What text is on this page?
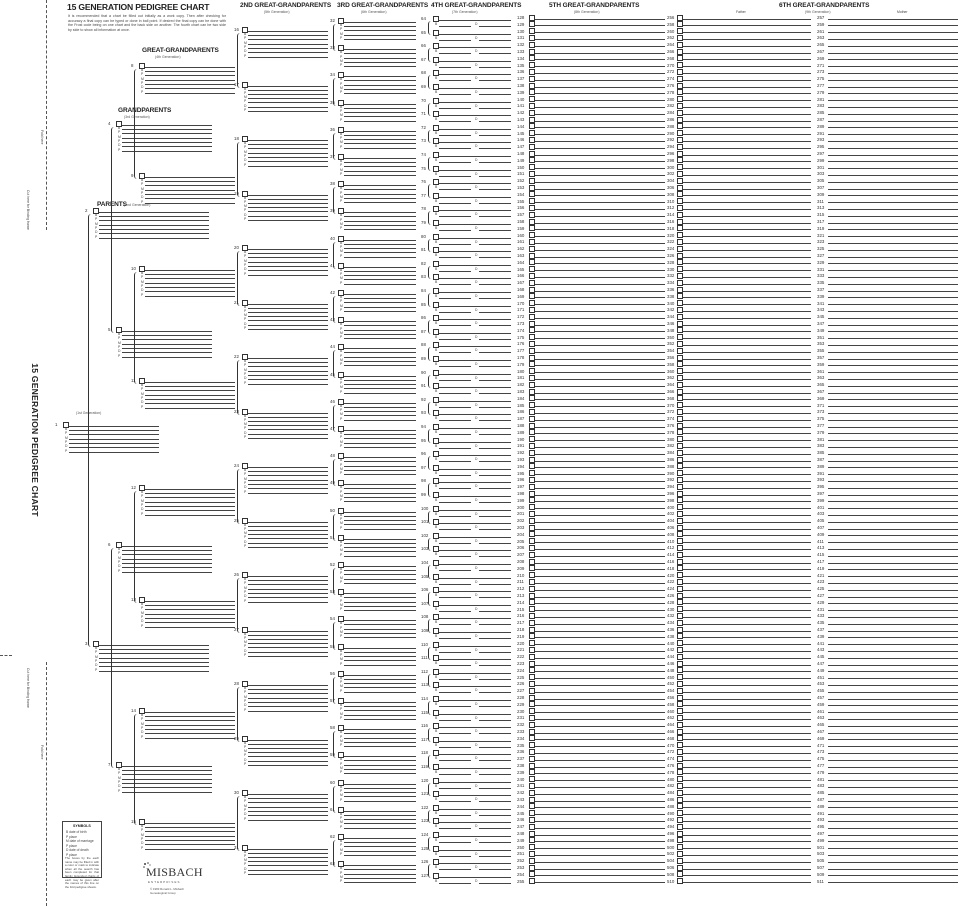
15 GENERATION PEDIGREE CHART
It is recommended that a chart be filled out initially as a work copy. Then after checking for accuracy a final copy can be typed or done in ball point. If desired the final copy can be done with the Frost code being on one chart and the back side on another. The fourth chart can be two side by side to show all information at once.
15 GENERATION PEDIGREE CHART
SYMBOLS
B date of birth
P place
M date of marriage
P place
D date of death
P place
The boxes by the each name may be filled in with a color or mark to indicate when all the search has been completed for that family. Extended charts of each may be given after the names of this line on the fold pedigree sheets.
MISBACH
ENTERPRISES
© 1983 Ronald L. Misbach
Genealogical Group
2ND GREAT-GRANDPARENTS
(5th Generation)
3RD GREAT-GRANDPARENTS
(6th Generation)
4TH GREAT-GRANDPARENTS
(7th Generation)
5TH GREAT-GRANDPARENTS
(8th Generation)
6TH GREAT-GRANDPARENTS
(9th Generation)
Father	Mother
GREAT-GRANDPARENTS
(4th Generation)
GRANDPARENTS
(3rd Generation)
PARENTS
(2nd Generation)
(1st Generation)
Fold here
Cut here for Binding frame
Cut here for Binding frame
Fold here
1
B
P
M
P
D
P
2
B
P
M
P
D
P
3
B
P
M
P
D
P
4
B
P
M
P
D
P
5
B
P
M
P
D
P
6
B
P
M
P
D
P
7
B
P
M
P
D
P
8
B
P
M
P
D
P
9
B
P
M
P
D
P
10
B
P
M
P
D
P
11
B
P
M
P
D
P
12
B
P
M
P
D
P
13
B
P
M
P
D
P
14
B
P
M
P
D
P
15
B
P
M
P
D
P
16
B
P
M
P
D
P
17
B
P
M
P
D
P
18
B
P
M
P
D
P
19
B
P
M
P
D
P
20
B
P
M
P
D
P
21
B
P
M
P
D
P
22
B
P
M
P
D
P
23
B
P
M
P
D
P
24
B
P
M
P
D
P
25
B
P
M
P
D
P
26
B
P
M
P
D
P
27
B
P
M
P
D
P
28
B
P
M
P
D
P
29
B
P
M
P
D
P
30
B
P
M
P
D
P
31
B
P
M
P
D
P
32
B
P
M
P
33
B
P
M
P
34
B
P
M
P
35
B
P
M
P
36
B
P
M
P
37
B
P
M
P
38
B
P
M
P
39
B
P
M
P
40
B
P
M
P
41
B
P
M
P
42
B
P
M
P
43
B
P
M
P
44
B
P
M
P
45
B
P
M
P
46
B
P
M
P
47
B
P
M
P
48
B
P
M
P
49
B
P
M
P
50
B
P
M
P
51
B
P
M
P
52
B
P
M
P
53
B
P
M
P
54
B
P
M
P
55
B
P
M
P
56
B
P
M
P
57
B
P
M
P
58
B
P
M
P
59
B
P
M
P
60
B
P
M
P
61
B
P
M
P
62
B
P
M
P
63
B
P
M
P
64
B	D
65
B	D
66
B	D
67
B	D
68
B	D
69
B	D
70
B	D
71
B	D
72
B	D
73
B	D
74
B	D
75
B	D
76
B	D
77
B	D
78
B	D
79
B	D
80
B	D
81
B	D
82
B	D
83
B	D
84
B	D
85
B	D
86
B	D
87
B	D
88
B	D
89
B	D
90
B	D
91
B	D
92
B	D
93
B	D
94
B	D
95
B	D
96
B	D
97
B	D
98
B	D
99
B	D
100
B	D
101
B	D
102
B	D
103
B	D
104
B	D
105
B	D
106
B	D
107
B	D
108
B	D
109
B	D
110
B	D
111
B	D
112
B	D
113
B	D
114
B	D
115
B	D
116
B	D
117
B	D
118
B	D
119
B	D
120
B	D
121
B	D
122
B	D
123
B	D
124
B	D
125
B	D
126
B	D
127
B	D
128
129
130
131
132
133
134
135
136
137
138
139
140
141
142
143
144
145
146
147
148
149
150
151
152
153
154
155
156
157
158
159
160
161
162
163
164
165
166
167
168
169
170
171
172
173
174
175
176
177
178
179
180
181
182
183
184
185
186
187
188
189
190
191
192
193
194
195
196
197
198
199
200
201
202
203
204
205
206
207
208
209
210
211
212
213
214
215
216
217
218
219
220
221
222
223
224
225
226
227
228
229
230
231
232
233
234
235
236
237
238
239
240
241
242
243
244
245
246
247
248
249
250
251
252
253
254
255
256	257
258	259
260	261
262	263
264	265
266	267
268	269
270	271
272	273
274	275
276	277
278	279
280	281
282	283
284	285
286	287
288	289
290	291
292	293
294	295
296	297
298	299
300	301
302	303
304	305
306	307
308	309
310	311
312	313
314	315
316	317
318	319
320	321
322	323
324	325
326	327
328	329
330	331
332	333
334	335
336	337
338	339
340	341
342	343
344	345
346	347
348	349
350	351
352	353
354	355
356	357
358	359
360	361
362	363
364	365
366	367
368	369
370	371
372	373
374	375
376	377
378	379
380	381
382	383
384	385
386	387
388	389
390	391
392	393
394	395
396	397
398	399
400	401
402	403
404	405
406	407
408	409
410	411
412	413
414	415
416	417
418	419
420	421
422	423
424	425
426	427
428	429
430	431
432	433
434	435
436	437
438	439
440	441
442	443
444	445
446	447
448	449
450	451
452	453
454	455
456	457
458	459
460	461
462	463
464	465
466	467
468	469
470	471
472	473
474	475
476	477
478	479
480	481
482	483
484	485
486	487
488	489
490	491
492	493
494	495
496	497
498	499
500	501
502	503
504	505
506	507
508	509
510	511
